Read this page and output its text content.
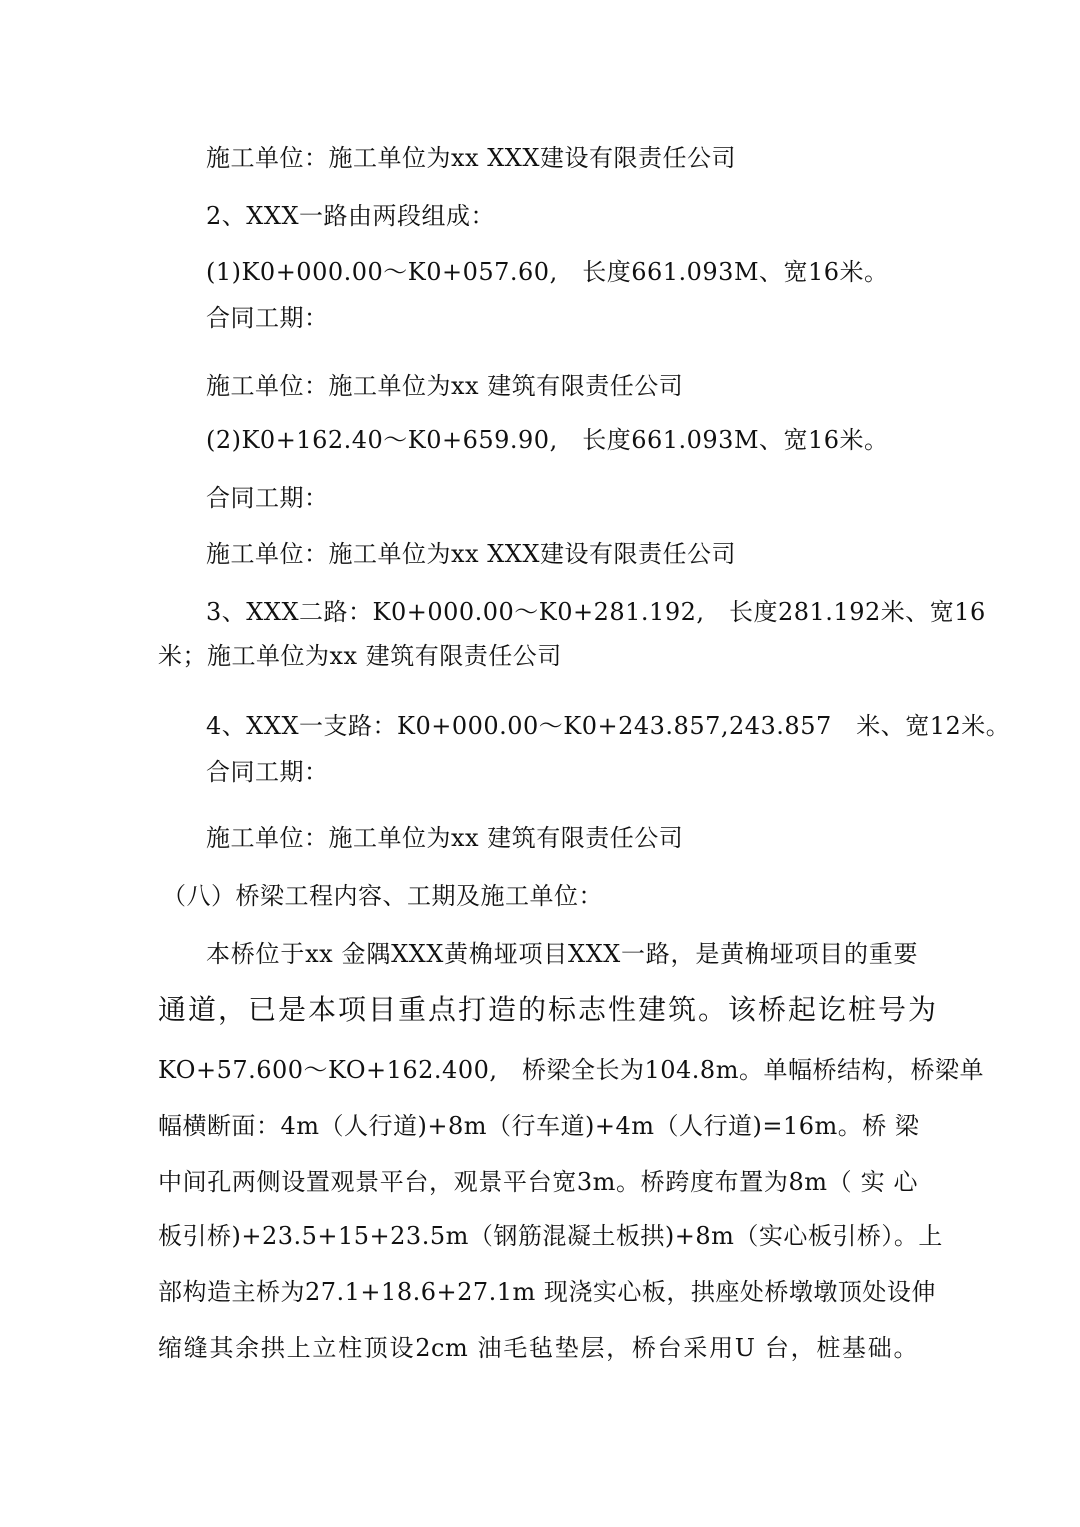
施工单位：施工单位为xx XXX建设有限责任公司
2、XXX一路由两段组成：
(1)K0+000.00～K0+057.60,　长度661.093M、宽16米。
合同工期：
施工单位：施工单位为xx 建筑有限责任公司
(2)K0+162.40～K0+659.90,　长度661.093M、宽16米。
合同工期：
施工单位：施工单位为xx XXX建设有限责任公司
3、XXX二路：K0+000.00～K0+281.192,　长度281.192米、宽16
米；施工单位为xx 建筑有限责任公司
4、XXX一支路：K0+000.00～K0+243.857,243.857　米、宽12米。
合同工期：
施工单位：施工单位为xx 建筑有限责任公司
（八）桥梁工程内容、工期及施工单位：
本桥位于xx 金隅XXX黄桷垭项目XXX一路，是黄桷垭项目的重要
通道，已是本项目重点打造的标志性建筑。该桥起讫桩号为
KO+57.600～KO+162.400,　桥梁全长为104.8m。单幅桥结构，桥梁单
幅横断面：4m（人行道)+8m（行车道)+4m（人行道)=16m。桥 梁
中间孔两侧设置观景平台，观景平台宽3m。桥跨度布置为8m（ 实 心
板引桥)+23.5+15+23.5m（钢筋混凝土板拱)+8m（实心板引桥）。上
部构造主桥为27.1+18.6+27.1m 现浇实心板，拱座处桥墩墩顶处设伸
缩缝其余拱上立柱顶设2cm 油毛毡垫层，桥台采用U 台，桩基础。
